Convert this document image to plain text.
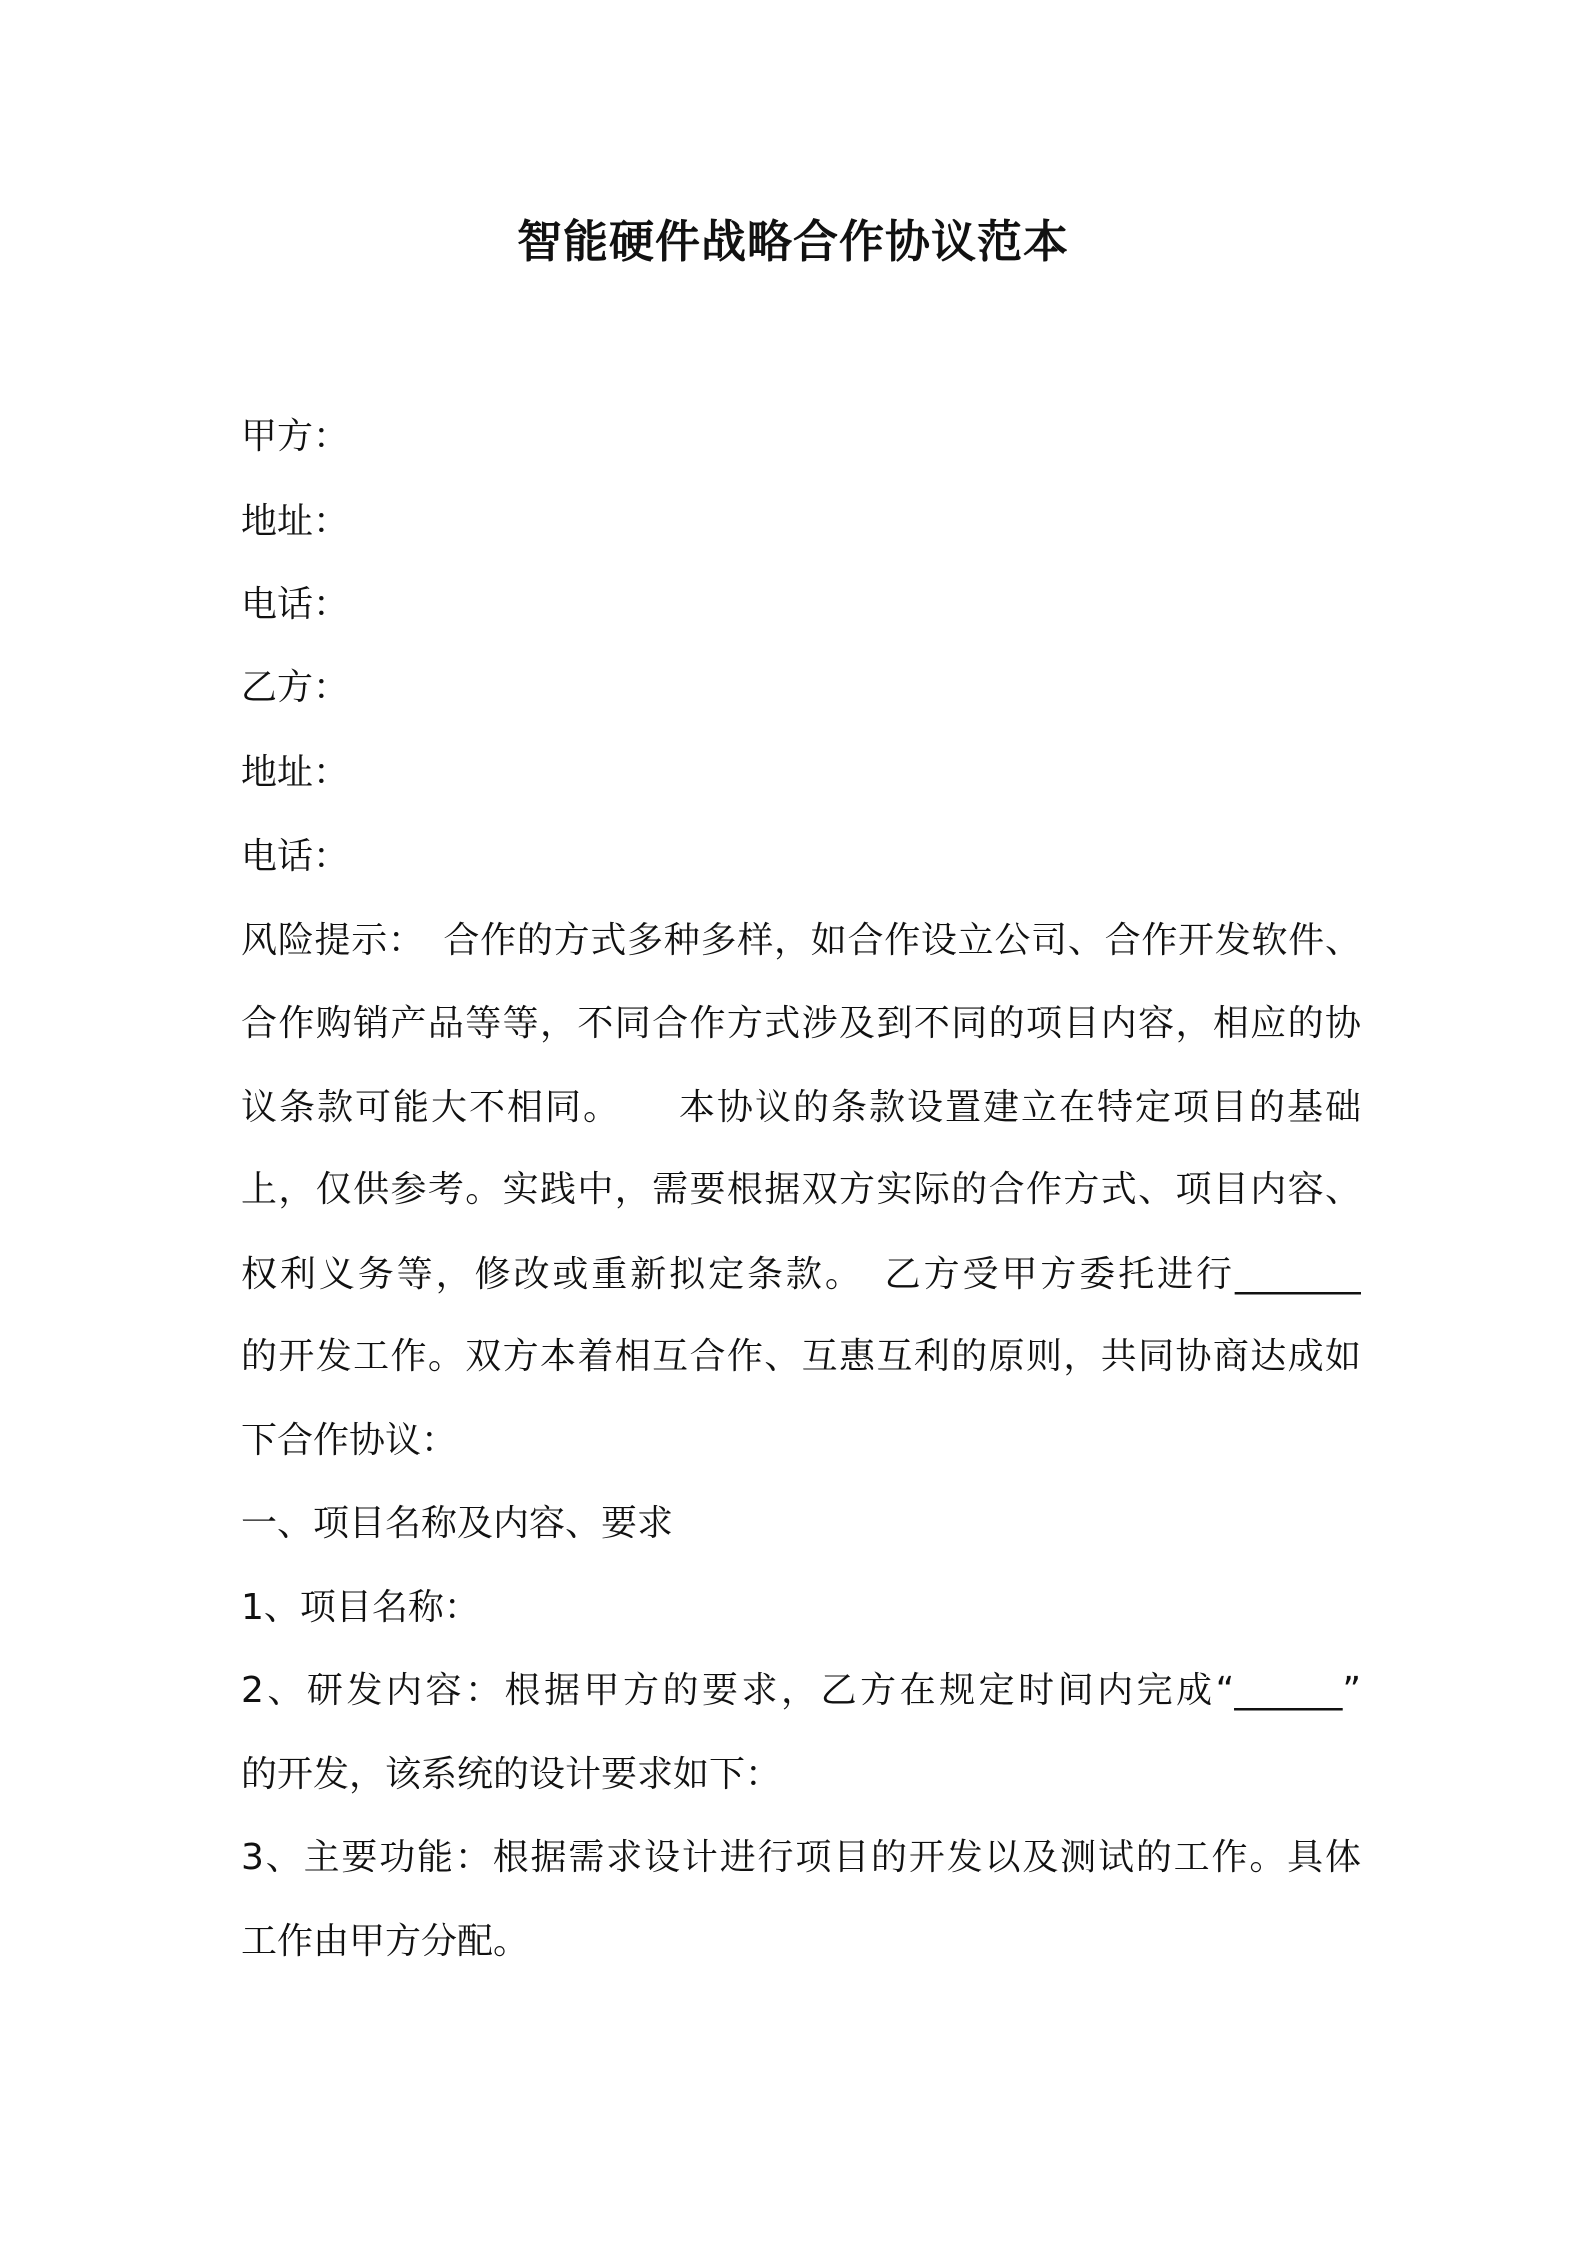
智能硬件战略合作协议范本
甲方：
地址：
电话：
乙方：
地址：
电话：
风险提示：　合作的方式多种多样，如合作设立公司、合作开发软件、
合作购销产品等等，不同合作方式涉及到不同的项目内容，相应的协
议条款可能大不相同。　　本协议的条款设置建立在特定项目的基础
上，仅供参考。实践中，需要根据双方实际的合作方式、项目内容、
权利义务等，修改或重新拟定条款。　乙方受甲方委托进行_______
的开发工作。双方本着相互合作、互惠互利的原则，共同协商达成如
下合作协议：
一、项目名称及内容、要求
1、项目名称：
2、研发内容：根据甲方的要求，乙方在规定时间内完成“______”
的开发，该系统的设计要求如下：
3、主要功能：根据需求设计进行项目的开发以及测试的工作。具体
工作由甲方分配。
